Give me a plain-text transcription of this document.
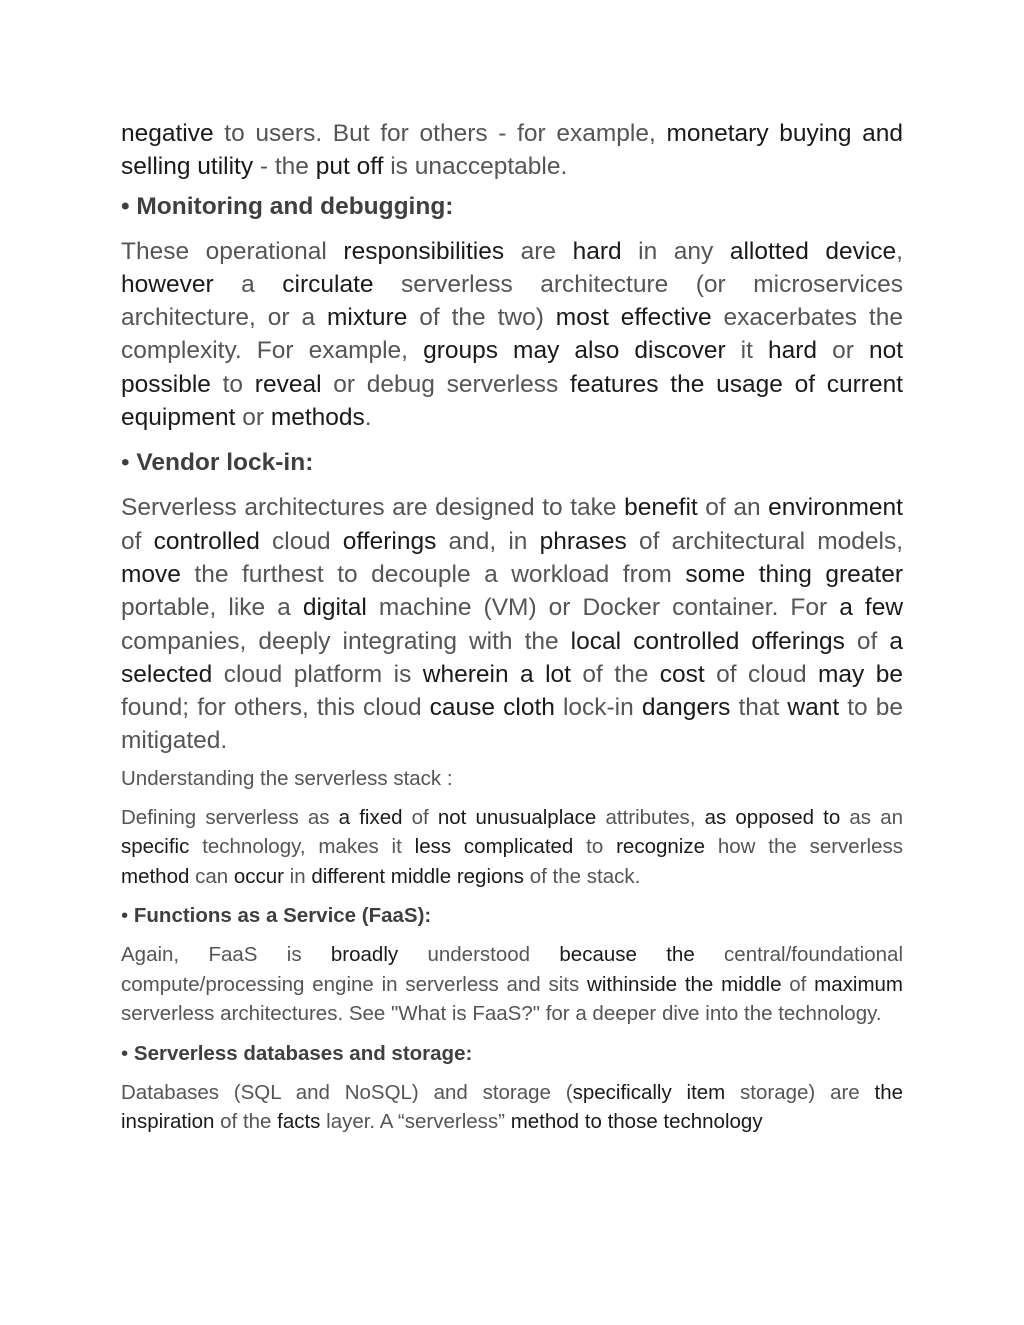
negative to users. But for others - for example, monetary buying and selling utility - the put off is unacceptable.

• Monitoring and debugging:

These operational responsibilities are hard in any allotted device, however a circulate serverless architecture (or microservices architecture, or a mixture of the two) most effective exacerbates the complexity. For example, groups may also discover it hard or not possible to reveal or debug serverless features the usage of current equipment or methods.

• Vendor lock-in:

Serverless architectures are designed to take benefit of an environment of controlled cloud offerings and, in phrases of architectural models, move the furthest to decouple a workload from some thing greater portable, like a digital machine (VM) or Docker container. For a few companies, deeply integrating with the local controlled offerings of a selected cloud platform is wherein a lot of the cost of cloud may be found; for others, this cloud cause cloth lock-in dangers that want to be mitigated.

Understanding the serverless stack :

Defining serverless as a fixed of not unusualplace attributes, as opposed to as an specific technology, makes it less complicated to recognize how the serverless method can occur in different middle regions of the stack.

• Functions as a Service (FaaS):

Again, FaaS is broadly understood because the central/foundational compute/processing engine in serverless and sits withinside the middle of maximum serverless architectures. See "What is FaaS?" for a deeper dive into the technology.

• Serverless databases and storage:

Databases (SQL and NoSQL) and storage (specifically item storage) are the inspiration of the facts layer. A “serverless” method to those technology
